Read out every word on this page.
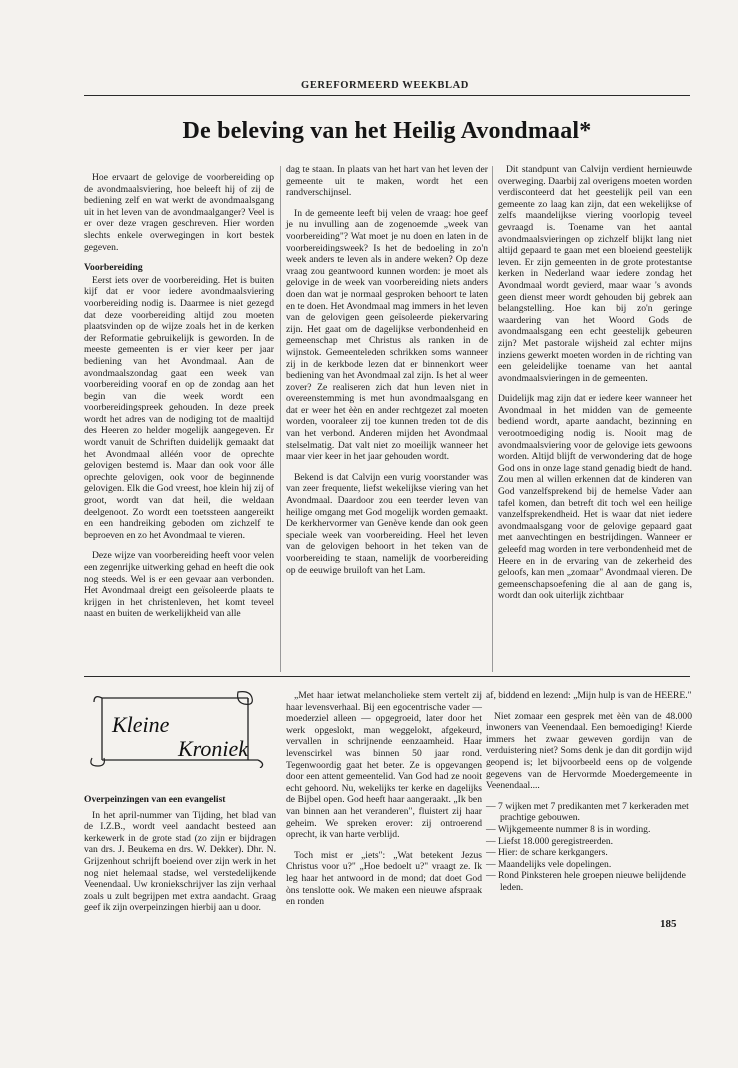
GEREFORMEERD WEEKBLAD
De beleving van het Heilig Avondmaal*

Hoe ervaart de gelovige de voorbereiding op de avondmaalsviering, hoe beleeft hij of zij de bediening zelf en wat werkt de avondmaalsgang uit in het leven van de avondmaalganger? Veel is er over deze vragen geschreven. Hier worden slechts enkele overwegingen in kort bestek gegeven.

Voorbereiding

Eerst iets over de voorbereiding. Het is buiten kijf dat er voor iedere avondmaalsviering voorbereiding nodig is. Daarmee is niet gezegd dat deze voorbereiding altijd zou moeten plaatsvinden op de wijze zoals het in de kerken der Reformatie gebruikelijk is geworden. In de meeste gemeenten is er vier keer per jaar bediening van het Avondmaal. Aan de avondmaalszondag gaat een week van voorbereiding vooraf en op de zondag aan het begin van die week wordt een voorbereidingspreek gehouden. In deze preek wordt het adres van de nodiging tot de maaltijd des Heeren zo helder mogelijk aangegeven. Er wordt vanuit de Schriften duidelijk gemaakt dat het Avondmaal alléén voor de oprechte gelovigen bestemd is. Maar dan ook voor álle oprechte gelovigen, ook voor de beginnende gelovigen. Elk die God vreest, hoe klein hij zij of groot, wordt van dat heil, die weldaan deelgenoot. Zo wordt een toetssteen aangereikt en een handreiking geboden om zichzelf te beproeven en zo het Avondmaal te vieren.

Deze wijze van voorbereiding heeft voor velen een zegenrijke uitwerking gehad en heeft die ook nog steeds. Wel is er een gevaar aan verbonden. Het Avondmaal dreigt een geïsoleerde plaats te krijgen in het christenleven, het komt teveel naast en buiten de werkelijkheid van alle

dag te staan. In plaats van het hart van het leven der gemeente uit te maken, wordt het een randverschijnsel.

In de gemeente leeft bij velen de vraag: hoe geef je nu invulling aan de zogenoemde „week van voorbereiding"? Wat moet je nu doen en laten in de voorbereidingsweek? Is het de bedoeling in zo'n week anders te leven als in andere weken? Op deze vraag zou geantwoord kunnen worden: je moet als gelovige in de week van voorbereiding niets anders doen dan wat je normaal gesproken behoort te laten en te doen. Het Avondmaal mag immers in het leven van de gelovigen geen geïsoleerde piekervaring zijn. Het gaat om de dagelijkse verbondenheid en gemeenschap met Christus als ranken in de wijnstok. Gemeenteleden schrikken soms wanneer zij in de kerkbode lezen dat er binnenkort weer bediening van het Avondmaal zal zijn. Is het al weer zover? Ze realiseren zich dat hun leven niet in overeenstemming is met hun avondmaalsgang en dat er weer het èèn en ander rechtgezet zal moeten worden, vooraleer zij toe kunnen treden tot de dis van het verbond. Anderen mijden het Avondmaal stelselmatig. Dat valt niet zo moeilijk wanneer het maar vier keer in het jaar gehouden wordt.

Bekend is dat Calvijn een vurig voorstander was van zeer frequente, liefst wekelijkse viering van het Avondmaal. Daardoor zou een teerder leven van heilige omgang met God mogelijk worden gemaakt. De kerkhervormer van Genève kende dan ook geen speciale week van voorbereiding. Heel het leven van de gelovigen behoort in het teken van de voorbereiding te staan, namelijk de voorbereiding op de eeuwige bruiloft van het Lam.

Dit standpunt van Calvijn verdient hernieuwde overweging. Daarbij zal overigens moeten worden verdisconteerd dat het geestelijk peil van een gemeente zo laag kan zijn, dat een wekelijkse of zelfs maandelijkse viering voorlopig teveel gevraagd is. Toename van het aantal avondmaalsvieringen op zichzelf blijkt lang niet altijd gepaard te gaan met een bloeiend geestelijk leven. Er zijn gemeenten in de grote protestantse kerken in Nederland waar iedere zondag het Avondmaal wordt gevierd, maar waar 's avonds geen dienst meer wordt gehouden bij gebrek aan belangstelling. Hoe kan bij zo'n geringe waardering van het Woord Gods de avondmaalsgang een echt geestelijk gebeuren zijn? Met pastorale wijsheid zal echter mijns inziens gewerkt moeten worden in de richting van een geleidelijke toename van het aantal avondmaalsvieringen in de gemeenten.

Duidelijk mag zijn dat er iedere keer wanneer het Avondmaal in het midden van de gemeente bediend wordt, aparte aandacht, bezinning en verootmoediging nodig is. Nooit mag de avondmaalsviering voor de gelovige iets gewoons worden. Altijd blijft de verwondering dat de hoge God ons in onze lage stand genadig biedt de hand. Zou men al willen erkennen dat de kinderen van God vanzelfsprekend bij de hemelse Vader aan tafel komen, dan betreft dit toch wel een heilige vanzelfsprekendheid. Het is waar dat niet iedere avondmaalsgang voor de gelovige gepaard gaat met aanvechtingen en bestrijdingen. Wanneer er geleefd mag worden in tere verbondenheid met de Heere en in de ervaring van de zekerheid des geloofs, kan men „zomaar" Avondmaal vieren. De gemeenschapsoefening die al aan de gang is, wordt dan ook uiterlijk zichtbaar

Kleine
Kroniek
Overpeinzingen van een evangelist

In het april-nummer van Tijding, het blad van de I.Z.B., wordt veel aandacht besteed aan kerkewerk in de grote stad (zo zijn er bijdragen van drs. J. Beukema en drs. W. Dekker). Dhr. N. Grijzenhout schrijft boeiend over zijn werk in het nog niet helemaal stadse, wel verstedelijkende Veenendaal. Uw kroniekschrijver las zijn verhaal zoals u zult begrijpen met extra aandacht. Graag geef ik zijn overpeinzingen hierbij aan u door.

„Met haar ietwat melancholieke stem vertelt zij haar levensverhaal. Bij een egocentrische vader — moederziel alleen — opgegroeid, later door het werk opgeslokt, man weggelokt, afgekeurd, vervallen in schrijnende eenzaamheid. Haar levenscirkel was binnen 50 jaar rond. Tegenwoordig gaat het beter. Ze is opgevangen door een attent gemeentelid. Van God had ze nooit echt gehoord. Nu, wekelijks ter kerke en dagelijks de Bijbel open. God heeft haar aangeraakt. „Ik ben van binnen aan het veranderen", fluistert zij haar geheim. We spreken erover: zij ontroerend oprecht, ik van harte verblijd.

Toch mist er „iets": „Wat betekent Jezus Christus voor u?" „Hoe bedoelt u?" vraagt ze. Ik leg haar het antwoord in de mond; dat doet God òns tenslotte ook. We maken een nieuwe afspraak en ronden

af, biddend en lezend: „Mijn hulp is van de HEERE."

Niet zomaar een gesprek met èèn van de 48.000 inwoners van Veenendaal. Een bemoediging! Kierde immers het zwaar geweven gordijn van de verduistering niet? Soms denk je dan dit gordijn wijd geopend is; let bijvoorbeeld eens op de volgende gegevens van de Hervormde Moedergemeente in Veenendaal....

— 7 wijken met 7 predikanten met 7 kerkeraden met prachtige gebouwen.
— Wijkgemeente nummer 8 is in wording.
— Liefst 18.000 geregistreerden.
— Hier: de schare kerkgangers.
— Maandelijks vele dopelingen.
— Rond Pinksteren hele groepen nieuwe belijdende leden.
185
